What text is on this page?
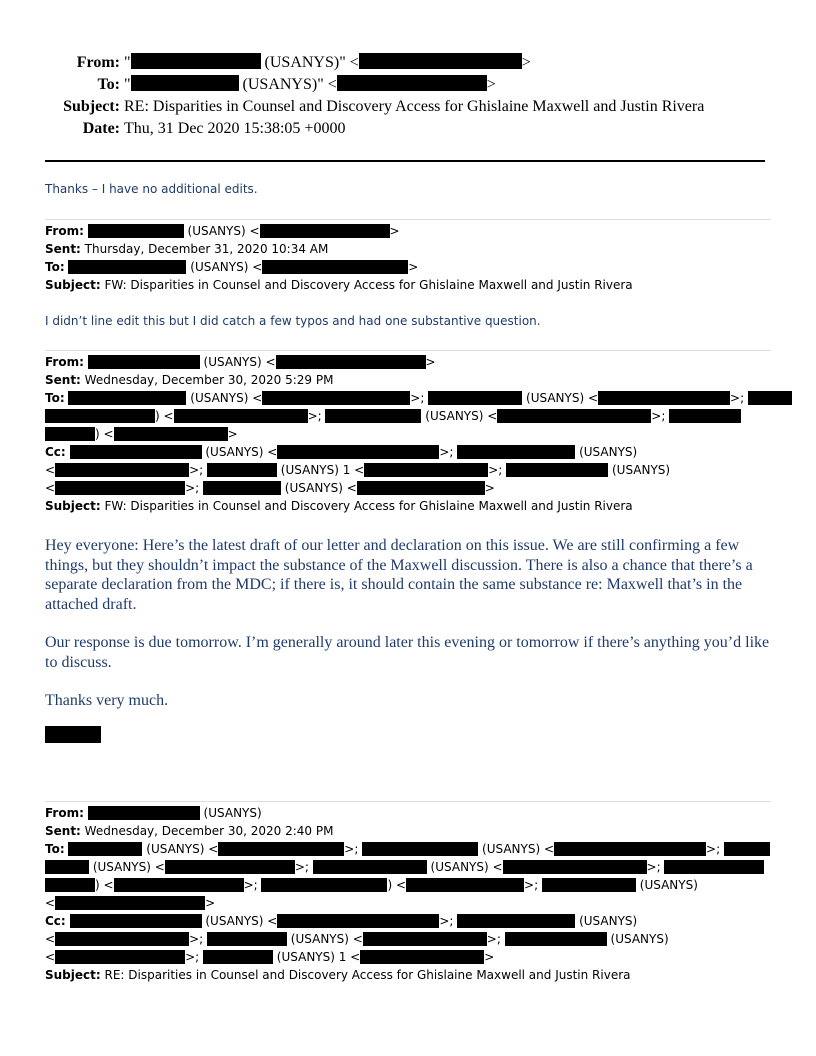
From: "	(USANYS)" <	>
To: "	(USANYS)" <	>
Subject: RE: Disparities in Counsel and Discovery Access for Ghislaine Maxwell and Justin Rivera
Date: Thu, 31 Dec 2020 15:38:05 +0000
Thanks – I have no additional edits.
From:	(USANYS) <	>
Sent: Thursday, December 31, 2020 10:34 AM
To:	(USANYS) <	>
Subject: FW: Disparities in Counsel and Discovery Access for Ghislaine Maxwell and Justin Rivera
I didn’t line edit this but I did catch a few typos and had one substantive question.
From:	(USANYS) <	>
Sent: Wednesday, December 30, 2020 5:29 PM
To:	(USANYS) <	>;	(USANYS) <	>;
) <	>;	(USANYS) <	>;
) <	>
Cc:	(USANYS) <	>;	(USANYS)
<	>;	(USANYS) 1 <	>;	(USANYS)
<	>;	(USANYS) <	>
Subject: FW: Disparities in Counsel and Discovery Access for Ghislaine Maxwell and Justin Rivera

Hey everyone: Here’s the latest draft of our letter and declaration on this issue. We are still confirming a few things, but they shouldn’t impact the substance of the Maxwell discussion. There is also a chance that there’s a separate declaration from the MDC; if there is, it should contain the same substance re: Maxwell that’s in the attached draft.

Our response is due tomorrow. I’m generally around later this evening or tomorrow if there’s anything you’d like to discuss.

Thanks very much.

From:	(USANYS)
Sent: Wednesday, December 30, 2020 2:40 PM
To:	(USANYS) <	>;	(USANYS) <	>;
(USANYS) <	>;	(USANYS) <	>;
) <	>;	) <	>;	(USANYS)
<	>
Cc:	(USANYS) <	>;	(USANYS)
<	>;	(USANYS) <	>;	(USANYS)
<	>;	(USANYS) 1 <	>
Subject: RE: Disparities in Counsel and Discovery Access for Ghislaine Maxwell and Justin Rivera
